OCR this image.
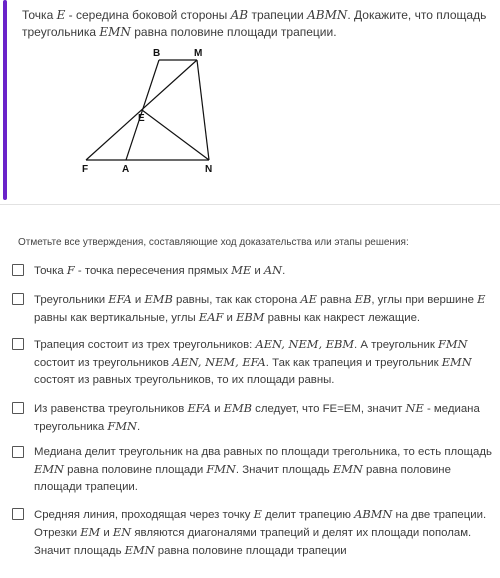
Точка E - середина боковой стороны AB трапеции ABMN. Докажите, что площадь
треугольника EMN равна половине площади трапеции.
B	M
E
F	A	N
Отметьте все утверждения, составляющие ход доказательства или этапы решения:
Точка F - точка пересечения прямых ME и AN.
Треугольники EFA и EMB равны, так как сторона AE равна EB, углы при вершине E
равны как вертикальные, углы EAF и EBM равны как накрест лежащие.
Трапеция состоит из трех треугольников: AEN, NEM, EBM. А треугольник FMN
состоит из треугольников AEN, NEM, EFA. Так как трапеция и треугольник EMN
состоят из равных треугольников, то их площади равны.
Из равенства треугольников EFA и EMB следует, что FE=EM, значит NE - медиана
треугольника FMN.
Медиана делит треугольник на два равных по площади трегольника, то есть площадь
EMN равна половине площади FMN. Значит площадь EMN равна половине
площади трапеции.
Средняя линия, проходящая через точку E делит трапецию ABMN на две трапеции.
Отрезки EM и EN являются диагоналями трапеций и делят их площади пополам.
Значит площадь EMN равна половине площади трапеции
